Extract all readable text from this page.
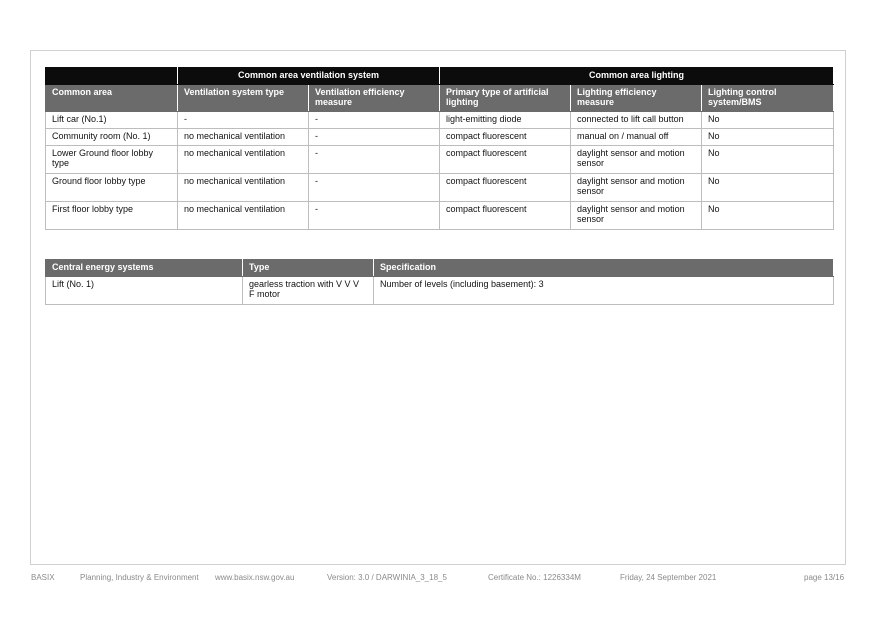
	Common area ventilation system		Common area lighting		
Common area	Ventilation system type	Ventilation efficiency measure	Primary type of artificial lighting	Lighting efficiency measure	Lighting control system/BMS
Lift car (No.1)	-	-	light-emitting diode	connected to lift call button	No
Community room (No. 1)	no mechanical ventilation	-	compact fluorescent	manual on / manual off	No
Lower Ground floor lobby type	no mechanical ventilation	-	compact fluorescent	daylight sensor and motion sensor	No
Ground floor lobby type	no mechanical ventilation	-	compact fluorescent	daylight sensor and motion sensor	No
First floor lobby type	no mechanical ventilation	-	compact fluorescent	daylight sensor and motion sensor	No
Central energy systems	Type	Specification
Lift (No. 1)	gearless traction with V V V F motor	Number of levels (including basement): 3
BASIX	Planning, Industry & Environment www.basix.nsw.gov.au	Version: 3.0 / DARWINIA_3_18_5	Certificate No.: 1226334M	Friday, 24 September 2021	page 13/16
